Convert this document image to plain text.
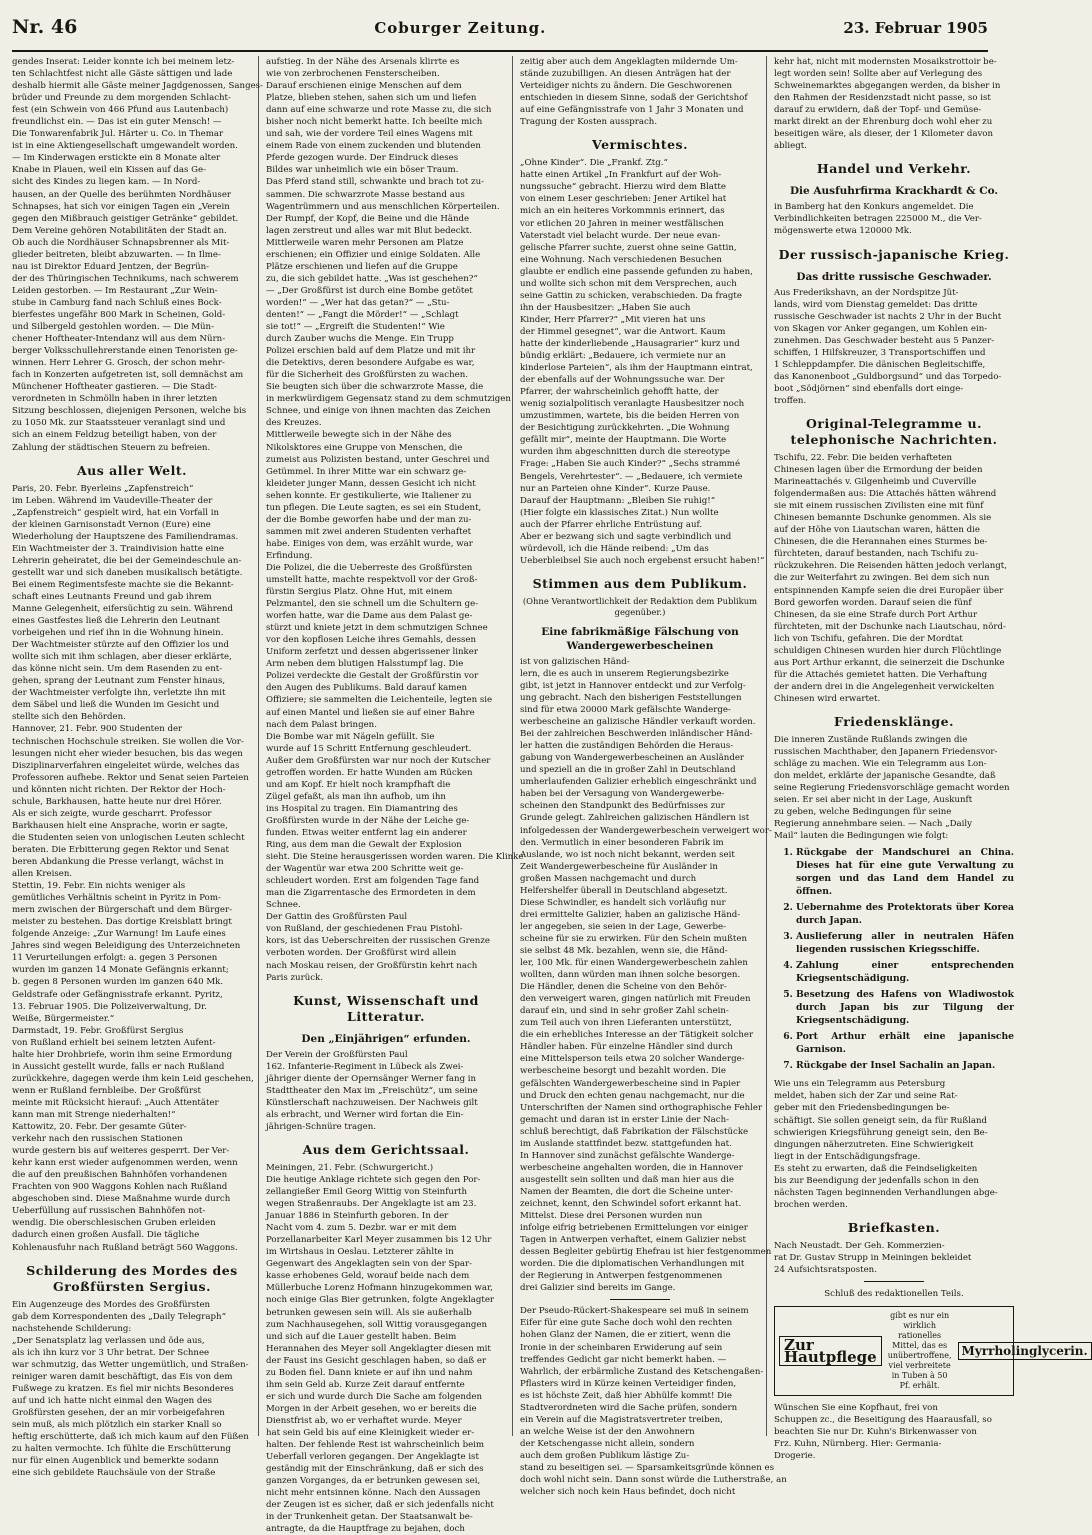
Nr. 46	Coburger Zeitung.	23. Februar 1905
gendes Inserat: Leider konnte ich bei meinem letz-
ten Schlachtfest nicht alle Gäste sättigen und lade
deshalb hiermit alle Gäste meiner Jagdgenossen, Sanges-
brüder und Freunde zu dem morgenden Schlacht-
fest (ein Schwein von 466 Pfund aus Lautenbach)
freundlichst ein. — Das ist ein guter Mensch! —
Die Tonwarenfabrik Jul. Härter u. Co. in Themar
ist in eine Aktiengesellschaft umgewandelt worden.
— Im Kinderwagen erstickte ein 8 Monate alter
Knabe in Plauen, weil ein Kissen auf das Ge-
sicht des Kindes zu liegen kam. — In Nord-
hausen, an der Quelle des berühmten Nordhäuser
Schnapses, hat sich vor einigen Tagen ein „Verein
gegen den Mißbrauch geistiger Getränke“ gebildet.
Dem Vereine gehören Notabilitäten der Stadt an.
Ob auch die Nordhäuser Schnapsbrenner als Mit-
glieder beitreten, bleibt abzuwarten. — In Ilme-
nau ist Direktor Eduard Jentzen, der Begrün-
der des Thüringischen Technikums, nach schwerem
Leiden gestorben. — Im Restaurant „Zur Wein-
stube in Camburg fand nach Schluß eines Bock-
bierfestes ungefähr 800 Mark in Scheinen, Gold-
und Silbergeld gestohlen worden. — Die Mün-
chener Hoftheater-Intendanz will aus dem Nürn-
berger Volksschullehrerstande einen Tenoristen ge-
winnen. Herr Lehrer G. Grosch, der schon mehr-
fach in Konzerten aufgetreten ist, soll demnächst am
Münchener Hoftheater gastieren. — Die Stadt-
verordneten in Schmölln haben in ihrer letzten
Sitzung beschlossen, diejenigen Personen, welche bis
zu 1050 Mk. zur Staatssteuer veranlagt sind und
sich an einem Feldzug beteiligt haben, von der
Zahlung der städtischen Steuern zu befreien.
Aus aller Welt.
Paris, 20. Febr. Byerleins „Zapfenstreich“
im Leben. Während im Vaudeville-Theater der
„Zapfenstreich“ gespielt wird, hat ein Vorfall in
der kleinen Garnisonstadt Vernon (Eure) eine
Wiederholung der Hauptszene des Familiendramas.
Ein Wachtmeister der 3. Traindivision hatte eine
Lehrerin geheiratet, die bei der Gemeindeschule an-
gestellt war und sich daneben musikalisch betätigte.
Bei einem Regimentsfeste machte sie die Bekannt-
schaft eines Leutnants Freund und gab ihrem
Manne Gelegenheit, eifersüchtig zu sein. Während
eines Gastfestes ließ die Lehrerin den Leutnant
vorbeigehen und rief ihn in die Wohnung hinein.
Der Wachtmeister stürzte auf den Offizier los und
wollte sich mit ihm schlagen, aber dieser erklärte,
das könne nicht sein. Um dem Rasenden zu ent-
gehen, sprang der Leutnant zum Fenster hinaus,
der Wachtmeister verfolgte ihn, verletzte ihn mit
dem Säbel und ließ die Wunden im Gesicht und
stellte sich den Behörden.
Hannover, 21. Febr. 900 Studenten der
technischen Hochschule streiken. Sie wollen die Vor-
lesungen nicht eher wieder besuchen, bis das wegen
Disziplinarverfahren eingeleitet würde, welches das
Professoren aufhebe. Rektor und Senat seien Parteien
und könnten nicht richten. Der Rektor der Hoch-
schule, Barkhausen, hatte heute nur drei Hörer.
Als er sich zeigte, wurde gescharrt. Professor
Barkhausen hielt eine Ansprache, worin er sagte,
die Studenten seien von unlogischen Leuten schlecht
beraten. Die Erbitterung gegen Rektor und Senat
beren Abdankung die Presse verlangt, wächst in
allen Kreisen.
Stettin, 19. Febr. Ein nichts weniger als
gemütliches Verhältnis scheint in Pyritz in Pom-
mern zwischen der Bürgerschaft und dem Bürger-
meister zu bestehen. Das dortige Kreisblatt bringt
folgende Anzeige: „Zur Warnung! Im Laufe eines
Jahres sind wegen Beleidigung des Unterzeichneten
11 Verurteilungen erfolgt: a. gegen 3 Personen
wurden im ganzen 14 Monate Gefängnis erkannt;
b. gegen 8 Personen wurden im ganzen 640 Mk.
Geldstrafe oder Gefängnisstrafe erkannt. Pyritz,
13. Februar 1905. Die Polizeiverwaltung, Dr.
Weiße, Bürgermeister.“
Darmstadt, 19. Febr. Großfürst Sergius
von Rußland erhielt bei seinem letzten Aufent-
halte hier Drohbriefe, worin ihm seine Ermordung
in Aussicht gestellt wurde, falls er nach Rußland
zurückkehre, dagegen werde ihm kein Leid geschehen,
wenn er Rußland fernbleibe. Der Großfürst
meinte mit Rücksicht hierauf: „Auch Attentäter
kann man mit Strenge niederhalten!“
Kattowitz, 20. Febr. Der gesamte Güter-
verkehr nach den russischen Stationen
wurde gestern bis auf weiteres gesperrt. Der Ver-
kehr kann erst wieder aufgenommen werden, wenn
die auf den preußischen Bahnhöfen vorhandenen
Frachten von 900 Waggons Kohlen nach Rußland
abgeschoben sind. Diese Maßnahme wurde durch
Ueberfüllung auf russischen Bahnhöfen not-
wendig. Die oberschlesischen Gruben erleiden
dadurch einen großen Ausfall. Die tägliche
Kohlenausfuhr nach Rußland beträgt 560 Waggons.
Schilderung des Mordes des Großfürsten Sergius.
Ein Augenzeuge des Mordes des Großfürsten
gab dem Korrespondenten des „Daily Telegraph“
nachstehende Schilderung:
„Der Senatsplatz lag verlassen und öde aus,
als ich ihn kurz vor 3 Uhr betrat. Der Schnee
war schmutzig, das Wetter ungemütlich, und Straßen-
reiniger waren damit beschäftigt, das Eis von dem
Fußwege zu kratzen. Es fiel mir nichts Besonderes
auf und ich hatte nicht einmal den Wagen des
Großfürsten gesehen, der an mir vorbeigefahren
sein muß, als mich plötzlich ein starker Knall so
heftig erschütterte, daß ich mich kaum auf den Füßen
zu halten vermochte. Ich fühlte die Erschütterung
nur für einen Augenblick und bemerkte sodann
eine sich gebildete Rauchsäule von der Straße
aufstieg. In der Nähe des Arsenals klirrte es
wie von zerbrochenen Fensterscheiben.
Darauf erschienen einige Menschen auf dem
Platze, blieben stehen, sahen sich um und liefen
dann auf eine schwarze und rote Masse zu, die sich
bisher noch nicht bemerkt hatte. Ich beeilte mich
und sah, wie der vordere Teil eines Wagens mit
einem Rade von einem zuckenden und blutenden
Pferde gezogen wurde. Der Eindruck dieses
Bildes war unheimlich wie ein böser Traum.
Das Pferd stand still, schwankte und brach tot zu-
sammen. Die schwarzrote Masse bestand aus
Wagentrümmern und aus menschlichen Körperteilen.
Der Rumpf, der Kopf, die Beine und die Hände
lagen zerstreut und alles war mit Blut bedeckt.
Mittlerweile waren mehr Personen am Platze
erschienen; ein Offizier und einige Soldaten. Alle
Plätze erschienen und liefen auf die Gruppe
zu, die sich gebildet hatte. „Was ist geschehen?“
— „Der Großfürst ist durch eine Bombe getötet
worden!“ — „Wer hat das getan?“ — „Stu-
denten!“ — „Fangt die Mörder!“ — „Schlagt
sie tot!“ — „Ergreift die Studenten!“ Wie
durch Zauber wuchs die Menge. Ein Trupp
Polizei erschien bald auf dem Platze und mit ihr
die Detektivs, deren besondere Aufgabe es war,
für die Sicherheit des Großfürsten zu wachen.
Sie beugten sich über die schwarzrote Masse, die
in merkwürdigem Gegensatz stand zu dem schmutzigen
Schnee, und einige von ihnen machten das Zeichen
des Kreuzes.
Mittlerweile bewegte sich in der Nähe des
Nikolsktores eine Gruppe von Menschen, die
zumeist aus Polizisten bestand, unter Geschrei und
Getümmel. In ihrer Mitte war ein schwarz ge-
kleideter junger Mann, dessen Gesicht ich nicht
sehen konnte. Er gestikulierte, wie Italiener zu
tun pflegen. Die Leute sagten, es sei ein Student,
der die Bombe geworfen habe und der man zu-
sammen mit zwei anderen Studenten verhaftet
habe. Einiges von dem, was erzählt wurde, war
Erfindung.
Die Polizei, die die Ueberreste des Großfürsten
umstellt hatte, machte respektvoll vor der Groß-
fürstin Sergius Platz. Ohne Hut, mit einem
Pelzmantel, den sie schnell um die Schultern ge-
worfen hatte, war die Dame aus dem Palast ge-
stürzt und kniete jetzt in dem schmutzigen Schnee
vor den kopflosen Leiche ihres Gemahls, dessen
Uniform zerfetzt und dessen abgerissener linker
Arm neben dem blutigen Halsstumpf lag. Die
Polizei verdeckte die Gestalt der Großfürstin vor
den Augen des Publikums. Bald darauf kamen
Offiziere; sie sammelten die Leichenteile, legten sie
auf einen Mantel und ließen sie auf einer Bahre
nach dem Palast bringen.
Die Bombe war mit Nägeln gefüllt. Sie
wurde auf 15 Schritt Entfernung geschleudert.
Außer dem Großfürsten war nur noch der Kutscher
getroffen worden. Er hatte Wunden am Rücken
und am Kopf. Er hielt noch krampfhaft die
Zügel gefaßt, als man ihn aufhob, um ihn
ins Hospital zu tragen. Ein Diamantring des
Großfürsten wurde in der Nähe der Leiche ge-
funden. Etwas weiter entfernt lag ein anderer
Ring, aus dem man die Gewalt der Explosion
sieht. Die Steine herausgerissen worden waren. Die Klinke
der Wagentür war etwa 200 Schritte weit ge-
schleudert worden. Erst am folgenden Tage fand
man die Zigarrentasche des Ermordeten in dem
Schnee.
Der Gattin des Großfürsten Paul
von Rußland, der geschiedenen Frau Pistohl-
kors, ist das Ueberschreiten der russischen Grenze
verboten worden. Der Großfürst wird allein
nach Moskau reisen, der Großfürstin kehrt nach
Paris zurück.
Kunst, Wissenschaft und Litteratur.
Den „Einjährigen“ erfunden.
Der Verein der Großfürsten Paul
162. Infanterie-Regiment in Lübeck als Zwei-
jähriger diente der Opernsänger Werner fang in
Stadttheater den Max im „Freischütz“, um seine
Künstlerschaft nachzuweisen. Der Nachweis gilt
als erbracht, und Werner wird fortan die Ein-
jährigen-Schnüre tragen.
Aus dem Gerichtssaal.
Meiningen, 21. Febr. (Schwurgericht.)
Die heutige Anklage richtete sich gegen den Por-
zellangießer Emil Georg Wittig von Steinfurth
wegen Straßenraubs. Der Angeklagte ist am 23.
Januar 1886 in Steinfurth geboren. In der
Nacht vom 4. zum 5. Dezbr. war er mit dem
Porzellanarbeiter Karl Meyer zusammen bis 12 Uhr
im Wirtshaus in Oeslau. Letzterer zählte in
Gegenwart des Angeklagten sein von der Spar-
kasse erhobenes Geld, worauf beide nach dem
Müllerbuche Lorenz Hofmann hinzugekommen war,
noch einige Glas Bier getrunken, folgte Angeklagter
betrunken gewesen sein will. Als sie außerhalb
zum Nachhausegehen, soll Wittig vorausgegangen
und sich auf die Lauer gestellt haben. Beim
Herannahen des Meyer soll Angeklagter diesen mit
der Faust ins Gesicht geschlagen haben, so daß er
zu Boden fiel. Dann kniete er auf ihn und nahm
ihm sein Geld ab. Kurze Zeit darauf entfernte
er sich und wurde durch Die Sache am folgenden
Morgen in der Arbeit gesehen, wo er bereits die
Dienstfrist ab, wo er verhaftet wurde. Meyer
hat sein Geld bis auf eine Kleinigkeit wieder er-
halten. Der fehlende Rest ist wahrscheinlich beim
Ueberfall verloren gegangen. Der Angeklagte ist
geständig mit der Einschränkung, daß er sich des
ganzen Vorganges, da er betrunken gewesen sei,
nicht mehr entsinnen könne. Nach den Aussagen
der Zeugen ist es sicher, daß er sich jedenfalls nicht
in der Trunkenheit getan. Der Staatsanwalt be-
antragte, da die Hauptfrage zu bejahen, doch
zeitig aber auch dem Angeklagten mildernde Um-
stände zuzubilligen. An diesen Anträgen hat der
Verteidiger nichts zu ändern. Die Geschworenen
entschieden in diesem Sinne, sodaß der Gerichtshof
auf eine Gefängnisstrafe von 1 Jahr 3 Monaten und
Tragung der Kosten aussprach.
Vermischtes.
„Ohne Kinder“. Die „Frankf. Ztg.“
hatte einen Artikel „In Frankfurt auf der Woh-
nungssuche“ gebracht. Hierzu wird dem Blatte
von einem Leser geschrieben: Jener Artikel hat
mich an ein heiteres Vorkommnis erinnert, das
vor etlichen 20 Jahren in meiner westfälischen
Vaterstadt viel belacht wurde. Der neue evan-
gelische Pfarrer suchte, zuerst ohne seine Gattin,
eine Wohnung. Nach verschiedenen Besuchen
glaubte er endlich eine passende gefunden zu haben,
und wollte sich schon mit dem Versprechen, auch
seine Gattin zu schicken, verabschieden. Da fragte
ihn der Hausbesitzer: „Haben Sie auch
Kinder, Herr Pfarrer?“ „Mit vieren hat uns
der Himmel gesegnet“, war die Antwort. Kaum
hatte der kinderliebende „Hausagrarier“ kurz und
bündig erklärt: „Bedauere, ich vermiete nur an
kinderlose Parteien“, als ihm der Hauptmann eintrat,
der ebenfalls auf der Wohnungssuche war. Der
Pfarrer, der wahrscheinlich gehofft hatte, der
wenig sozialpolitisch veranlagte Hausbesitzer noch
umzustimmen, wartete, bis die beiden Herren von
der Besichtigung zurückkehrten. „Die Wohnung
gefällt mir“, meinte der Hauptmann. Die Worte
wurden ihm abgeschnitten durch die stereotype
Frage: „Haben Sie auch Kinder?“ „Sechs strammé
Bengels, Verehrtester“. — „Bedauere, ich vermiete
nur an Parteien ohne Kinder“. Kurze Pause.
Darauf der Hauptmann: „Bleiben Sie ruhig!“
(Hier folgte ein klassisches Zitat.) Nun wollte
auch der Pfarrer ehrliche Entrüstung auf.
Aber er bezwang sich und sagte verbindlich und
würdevoll, ich die Hände reibend: „Um das
Ueberbleibsel Sie auch noch ergebenst ersucht haben!“
Stimmen aus dem Publikum.
(Ohne Verantwortlichkeit der Redaktion dem Publikum gegenüber.)
Eine fabrikmäßige Fälschung von Wandergewerbescheinen
ist von galizischen Händ-
lern, die es auch in unserem Regierungsbezirke
gibt, ist jetzt in Hannover entdeckt und zur Verfolg-
ung gebracht. Nach den bisherigen Feststellungen
sind für etwa 20000 Mark gefälschte Wanderge-
werbescheine an galizische Händler verkauft worden.
Bei der zahlreichen Beschwerden inländischer Händ-
ler hatten die zuständigen Behörden die Heraus-
gabung von Wandergewerbescheinen an Ausländer
und speziell an die in großer Zahl in Deutschland
umherlaufenden Galizier erheblich eingeschränkt und
haben bei der Versagung von Wandergewerbe-
scheinen den Standpunkt des Bedürfnisses zur
Grunde gelegt. Zahlreichen galizischen Händlern ist
infolgedessen der Wandergewerbeschein verweigert wor-
den. Vermutlich in einer besonderen Fabrik im
Auslande, wo ist noch nicht bekannt, werden seit
Zeit Wandergewerbescheine für Ausländer in
großen Massen nachgemacht und durch
Helfershelfer überall in Deutschland abgesetzt.
Diese Schwindler, es handelt sich vorläufig nur
drei ermittelte Galizier, haben an galizische Händ-
ler angegeben, sie seien in der Lage, Gewerbe-
scheine für sie zu erwirken. Für den Schein mußten
sie selbst 48 Mk. bezahlen, wenn sie, die Händ-
ler, 100 Mk. für einen Wandergewerbeschein zahlen
wollten, dann würden man ihnen solche besorgen.
Die Händler, denen die Scheine von den Behör-
den verweigert waren, gingen natürlich mit Freuden
darauf ein, und sind in sehr großer Zahl schein-
zum Teil auch von ihren Lieferanten unterstützt,
die ein erhebliches Interesse an der Tätigkeit solcher
Händler haben. Für einzelne Händler sind durch
eine Mittelsperson teils etwa 20 solcher Wanderge-
werbescheine besorgt und bezahlt worden. Die
gefälschten Wandergewerbescheine sind in Papier
und Druck den echten genau nachgemacht, nur die
Unterschriften der Namen sind orthographische Fehler
gemacht und daran ist in erster Linie der Nach-
schluß berechtigt, daß Fabrikation der Fälschstücke
im Auslande stattfindet bezw. stattgefunden hat.
In Hannover sind zunächst gefälschte Wanderge-
werbescheine angehalten worden, die in Hannover
ausgestellt sein sollten und daß man hier aus die
Namen der Beamten, die dort die Scheine unter-
zeichnet, kennt, den Schwindel sofort erkannt hat.
Mittelst. Diese drei Personen wurden nun
infolge eifrig betriebenen Ermittelungen vor einiger
Tagen in Antwerpen verhaftet, einem Galizier nebst
dessen Begleiter gebürtig Ehefrau ist hier festgenommen
worden. Die die diplomatischen Verhandlungen mit
der Regierung in Antwerpen festgenommenen
drei Galizier sind bereits im Gange.
Der Pseudo-Rückert-Shakespeare sei muß in seinem
Eifer für eine gute Sache doch wohl den rechten
hohen Glanz der Namen, die er zitiert, wenn die
Ironie in der scheinbaren Erwiderung auf sein
treffendes Gedicht gar nicht bemerkt haben. —
Wahrlich, der erbärmliche Zustand des Ketschengaßen-
Pflasters wird in Kürze keinen Verteidiger finden,
es ist höchste Zeit, daß hier Abhülfe kommt! Die
Stadtverordneten wird die Sache prüfen, sondern
ein Verein auf die Magistratsvertreter treiben,
an welche Weise ist der den Anwohnern
der Ketschengasse nicht allein, sondern
auch dem großen Publikum lästige Zu-
stand zu beseitigen sei. — Sparsamkeitsgründe können es
doch wohl nicht sein. Dann sonst würde die Lutherstraße, an
welcher sich noch kein Haus befindet, doch nicht
kehr hat, nicht mit modernsten Mosaikstrottoir be-
legt worden sein! Sollte aber auf Verlegung des
Schweinemarktes abgegangen werden, da bisher in
den Rahmen der Residenzstadt nicht passe, so ist
darauf zu erwidern, daß der Topf- und Gemüse-
markt direkt an der Ehrenburg doch wohl eher zu
beseitigen wäre, als dieser, der 1 Kilometer davon
abliegt.
Handel und Verkehr.
Die Ausfuhrfirma Krackhardt & Co.
in Bamberg hat den Konkurs angemeldet. Die
Verbindlichkeiten betragen 225000 M., die Ver-
mögenswerte etwa 120000 Mk.
Der russisch-japanische Krieg.
Das dritte russische Geschwader.
Aus Frederikshavn, an der Nordspitze Jüt-
lands, wird vom Dienstag gemeldet: Das dritte
russische Geschwader ist nachts 2 Uhr in der Bucht
von Skagen vor Anker gegangen, um Kohlen ein-
zunehmen. Das Geschwader besteht aus 5 Panzer-
schiffen, 1 Hilfskreuzer, 3 Transportschiffen und
1 Schleppdampfer. Die dänischen Begleitschiffe,
das Kanonenboot „Guldborgsund“ und das Torpedo-
boot „Södjörnen“ sind ebenfalls dort einge-
troffen.
Original-Telegramme u. telephonische Nachrichten.
Tschifu, 22. Febr. Die beiden verhafteten
Chinesen lagen über die Ermordung der beiden
Marineattachés v. Gilgenheimb und Cuverville
folgendermaßen aus: Die Attachés hätten während
sie mit einem russischen Zivilisten eine mit fünf
Chinesen bemannte Dschunke genommen. Als sie
auf der Höhe von Liautschan waren, hätten die
Chinesen, die die Herannahen eines Sturmes be-
fürchteten, darauf bestanden, nach Tschifu zu-
rückzukehren. Die Reisenden hätten jedoch verlangt,
die zur Weiterfahrt zu zwingen. Bei dem sich nun
entspinnenden Kampfe seien die drei Europäer über
Bord geworfen worden. Darauf seien die fünf
Chinesen, da sie eine Strafe durch Port Arthur
fürchteten, mit der Dschunke nach Liautschau, nörd-
lich von Tschifu, gefahren. Die der Mordtat
schuldigen Chinesen wurden hier durch Flüchtlinge
aus Port Arthur erkannt, die seinerzeit die Dschunke
für die Attachés gemietet hatten. Die Verhaftung
der andern drei in die Angelegenheit verwickelten
Chinesen wird erwartet.
Friedensklänge.
Die inneren Zustände Rußlands zwingen die
russischen Machthaber, den Japanern Friedensvor-
schläge zu machen. Wie ein Telegramm aus Lon-
don meldet, erklärte der japanische Gesandte, daß
seine Regierung Friedensvorschläge gemacht worden
seien. Er sei aber nicht in der Lage, Auskunft
zu geben, welche Bedingungen für seine
Regierung annehmbare seien. — Nach „Daily
Mail“ lauten die Bedingungen wie folgt:
1. Rückgabe der Mandschurei an China. Dieses hat für eine gute Verwaltung zu sorgen und das Land dem Handel zu öffnen.
2. Uebernahme des Protektorats über Korea durch Japan.
3. Auslieferung aller in neutralen Häfen liegenden russischen Kriegsschiffe.
4. Zahlung einer entsprechenden Kriegsentschädigung.
5. Besetzung des Hafens von Wladiwostok durch Japan bis zur Tilgung der Kriegsentschädigung.
6. Port Arthur erhält eine japanische Garnison.
7. Rückgabe der Insel Sachalin an Japan.
Wie uns ein Telegramm aus Petersburg
meldet, haben sich der Zar und seine Rat-
geber mit den Friedensbedingungen be-
schäftigt. Sie sollen geneigt sein, da für Rußland
schwierigen Kriegsführung geneigt sein, den Be-
dingungen näherzutreten. Eine Schwierigkeit
liegt in der Entschädigungsfrage.
Es steht zu erwarten, daß die Feindseligkeiten
bis zur Beendigung der jedenfalls schon in den
nächsten Tagen beginnenden Verhandlungen abge-
brochen werden.
Briefkasten.
Nach Neustadt. Der Geh. Kommerzien-
rat Dr. Gustav Strupp in Meiningen bekleidet
24 Aufsichtsratsposten.
Schluß des redaktionellen Teils.
Zur Hautpflege
gibt es nur ein wirklich rationelles Mittel, das es unübertroffene, viel verbreitete in Tuben à 50 Pf. erhält.
Myrrholinglycerin.
Wünschen Sie eine Kopfhaut, frei von
Schuppen zc., die Beseitigung des Haarausfall, so
beachten Sie nur Dr. Kuhn's Birkenwasser von
Frz. Kuhn, Nürnberg. Hier: Germania-
Drogerie.
